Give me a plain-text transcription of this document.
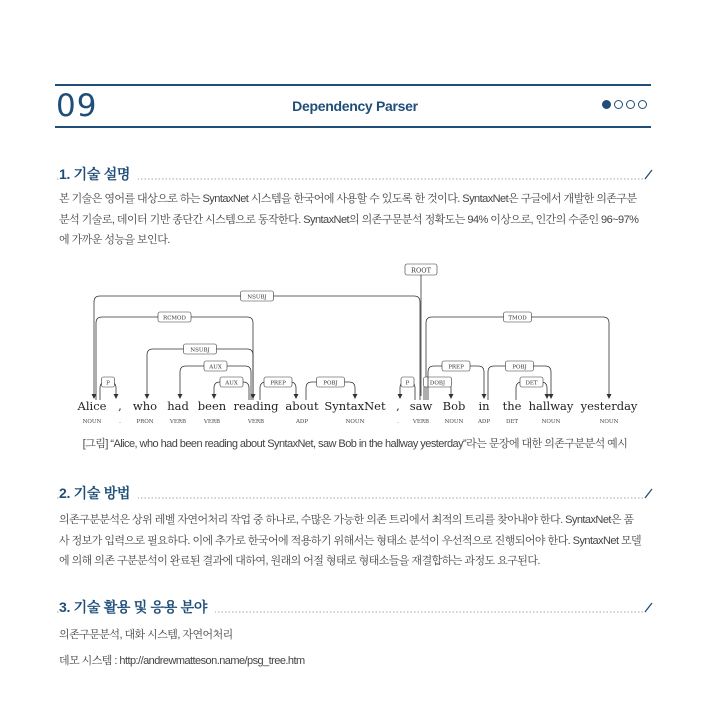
09	Dependency Parser
1. 기술 설명

본 기술은 영어를 대상으로 하는 SyntaxNet 시스템을 한국어에 사용할 수 있도록 한 것이다. SyntaxNet은 구글에서 개발한 의존구분

분석 기술로, 데이터 기반 종단간 시스템으로 동작한다. SyntaxNet의 의존구문분석 정확도는 94% 이상으로, 인간의 수준인 96~97%

에 가까운 성능을 보인다.

NSUBJ
RCMOD
NSUBJ
AUX
AUX
P	PREP	POBJ	P
TMOD
DOBJ
PREP	POBJ
DET
ROOT
Alice
NOUN
,
.
who
PRON
had
VERB
been
VERB
reading
VERB
about
ADP
SyntaxNet
NOUN
,
.
saw
VERB
Bob
NOUN
in
ADP
the
DET
hallway
NOUN
yesterday
NOUN
[그림] “Alice, who had been reading about SyntaxNet, saw Bob in the hallway yesterday”라는 문장에 대한 의존구분분석 예시
2. 기술 방법

의존구분분석은 상위 레벨 자연어처리 작업 중 하나로, 수많은 가능한 의존 트리에서 최적의 트리를 찾아내야 한다. SyntaxNet은 품

사 정보가 입력으로 필요하다. 이에 추가로 한국어에 적용하기 위해서는 형태소 분석이 우선적으로 진행되어야 한다. SyntaxNet 모델

에 의해 의존 구분분석이 완료된 결과에 대하여, 원래의 어절 형태로 형태소들을 재결합하는 과정도 요구된다.

3. 기술 활용 및 응용 분야

의존구문분석, 대화 시스템, 자연어처리

데모 시스템 : http://andrewmatteson.name/psg_tree.htm
